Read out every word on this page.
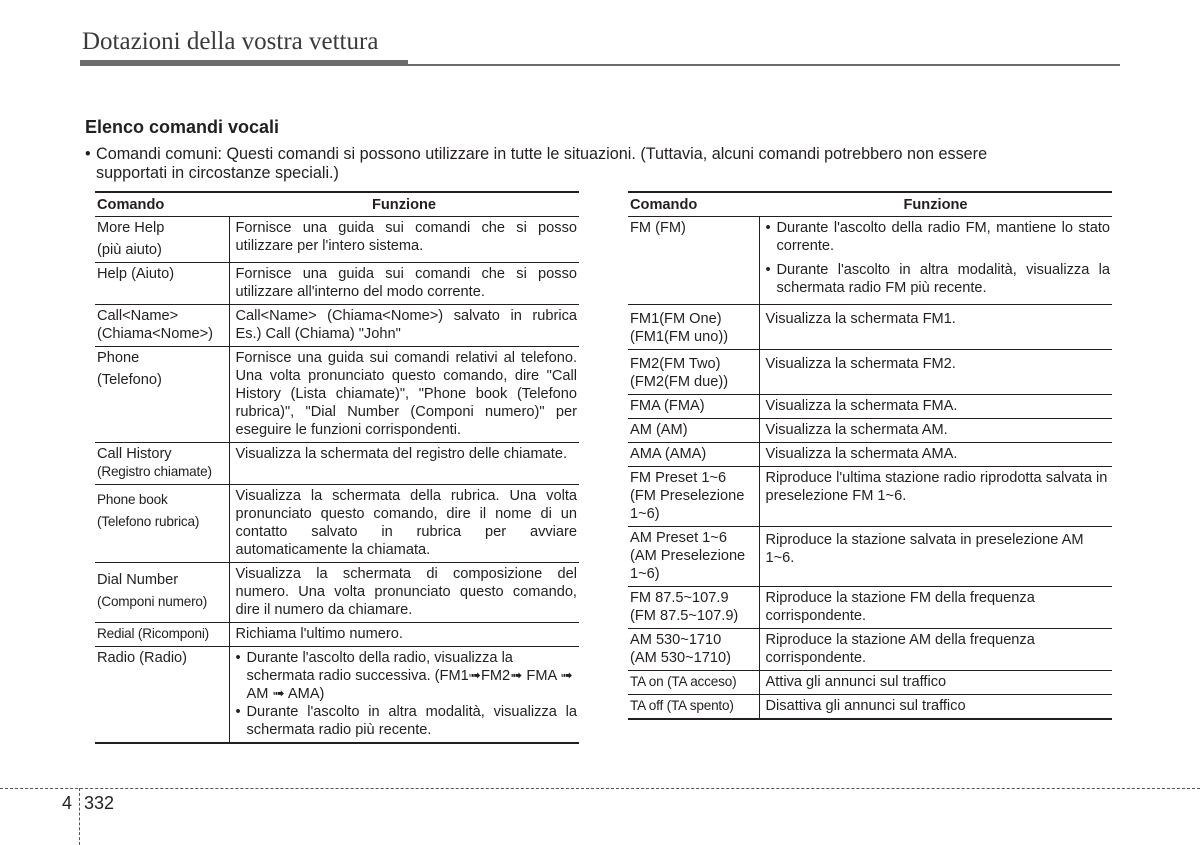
Dotazioni della vostra vettura
Elenco comandi vocali
• Comandi comuni: Questi comandi si possono utilizzare in tutte le situazioni. (Tuttavia, alcuni comandi potrebbero non essere
supportati in circostanze speciali.)
Comando	Funzione
More Help
(più aiuto)	Fornisce una guida sui comandi che si posso utilizzare per l'intero sistema.
Help (Aiuto)	Fornisce una guida sui comandi che si posso utilizzare all'interno del modo corrente.
Call<Name>
(Chiama<Nome>)	Call<Name> (Chiama<Nome>) salvato in rubrica Es.) Call (Chiama) "John"
Phone
(Telefono)	Fornisce una guida sui comandi relativi al telefono. Una volta pronunciato questo comando, dire "Call History (Lista chiamate)", "Phone book (Telefono rubrica)", "Dial Number (Componi numero)" per eseguire le funzioni corrispondenti.
Call History
(Registro chiamate)	Visualizza la schermata del registro delle chiamate.

Phone book
(Telefono rubrica)	Visualizza la schermata della rubrica. Una volta pronunciato questo comando, dire il nome di un contatto salvato in rubrica per avviare automaticamente la chiamata.

Dial Number
(Componi numero)	Visualizza la schermata di composizione del numero. Una volta pronunciato questo comando, dire il numero da chiamare.
Redial (Ricomponi)	Richiama l'ultimo numero.
Radio (Radio)	• Durante l'ascolto della radio, visualizza la schermata radio successiva. (FM1➟FM2➟ FMA ➟ AM ➟ AMA)
• Durante l'ascolto in altra modalità, visualizza la schermata radio più recente.
Comando	Funzione
FM (FM)	• Durante l'ascolto della radio FM, mantiene lo stato corrente.
• Durante l'ascolto in altra modalità, visualizza la schermata radio FM più recente.

FM1(FM One)
(FM1(FM uno))	Visualizza la schermata FM1.
FM2(FM Two)
(FM2(FM due))	Visualizza la schermata FM2.
FMA (FMA)	Visualizza la schermata FMA.
AM (AM)	Visualizza la schermata AM.
AMA (AMA)	Visualizza la schermata AMA.
FM Preset 1~6
(FM Preselezione 1~6)	Riproduce l'ultima stazione radio riprodotta salvata in preselezione FM 1~6.
AM Preset 1~6
(AM Preselezione 1~6)	Riproduce la stazione salvata in preselezione AM 1~6.
FM 87.5~107.9
(FM 87.5~107.9)	Riproduce la stazione FM della frequenza corrispondente.
AM 530~1710
(AM 530~1710)	Riproduce la stazione AM della frequenza corrispondente.
TA on (TA acceso)	Attiva gli annunci sul traffico
TA off (TA spento)	Disattiva gli annunci sul traffico
4 332
